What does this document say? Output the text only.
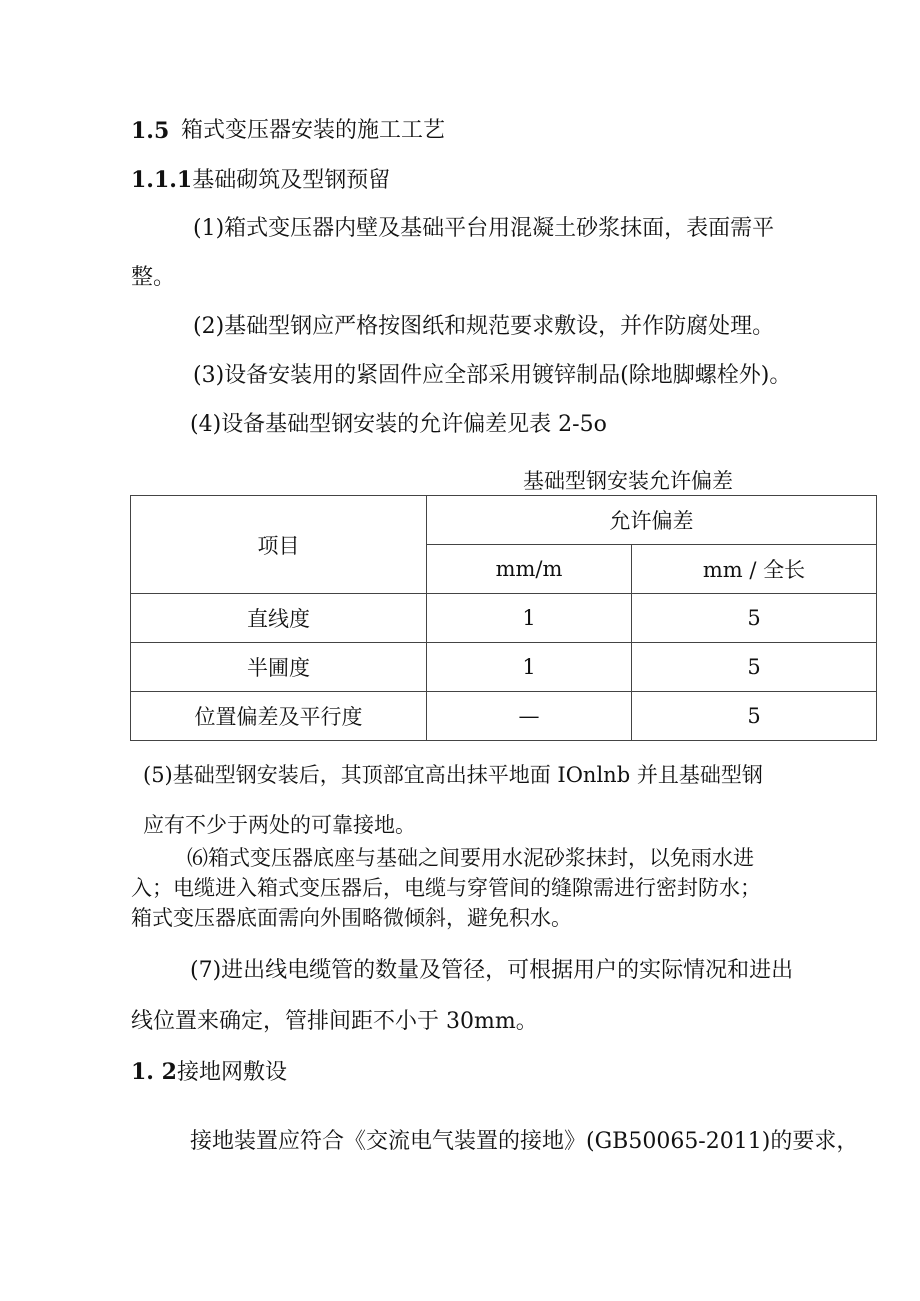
1.5 箱式变压器安装的施工工艺
1.1.1基础砌筑及型钢预留
(1)箱式变压器内壁及基础平台用混凝土砂浆抹面，表面需平
整。
(2)基础型钢应严格按图纸和规范要求敷设，并作防腐处理。
(3)设备安装用的紧固件应全部采用镀锌制品(除地脚螺栓外)。
(4)设备基础型钢安装的允许偏差见表 2-5o
基础型钢安装允许偏差
项目	允许偏差	
	mm/m	mm / 全长
直线度	1	5
半圃度	1	5
位置偏差及平行度	—	5
(5)基础型钢安装后，其顶部宜高出抹平地面 IOnlnb 并且基础型钢
应有不少于两处的可靠接地。
⑹箱式变压器底座与基础之间要用水泥砂浆抹封，以免雨水进
入；电缆进入箱式变压器后，电缆与穿管间的缝隙需进行密封防水；
箱式变压器底面需向外围略微倾斜，避免积水。
(7)进出线电缆管的数量及管径，可根据用户的实际情况和进出
线位置来确定，管排间距不小于 30mm。
1. 2接地网敷设
接地装置应符合《交流电气装置的接地》(GB50065-2011)的要求，
